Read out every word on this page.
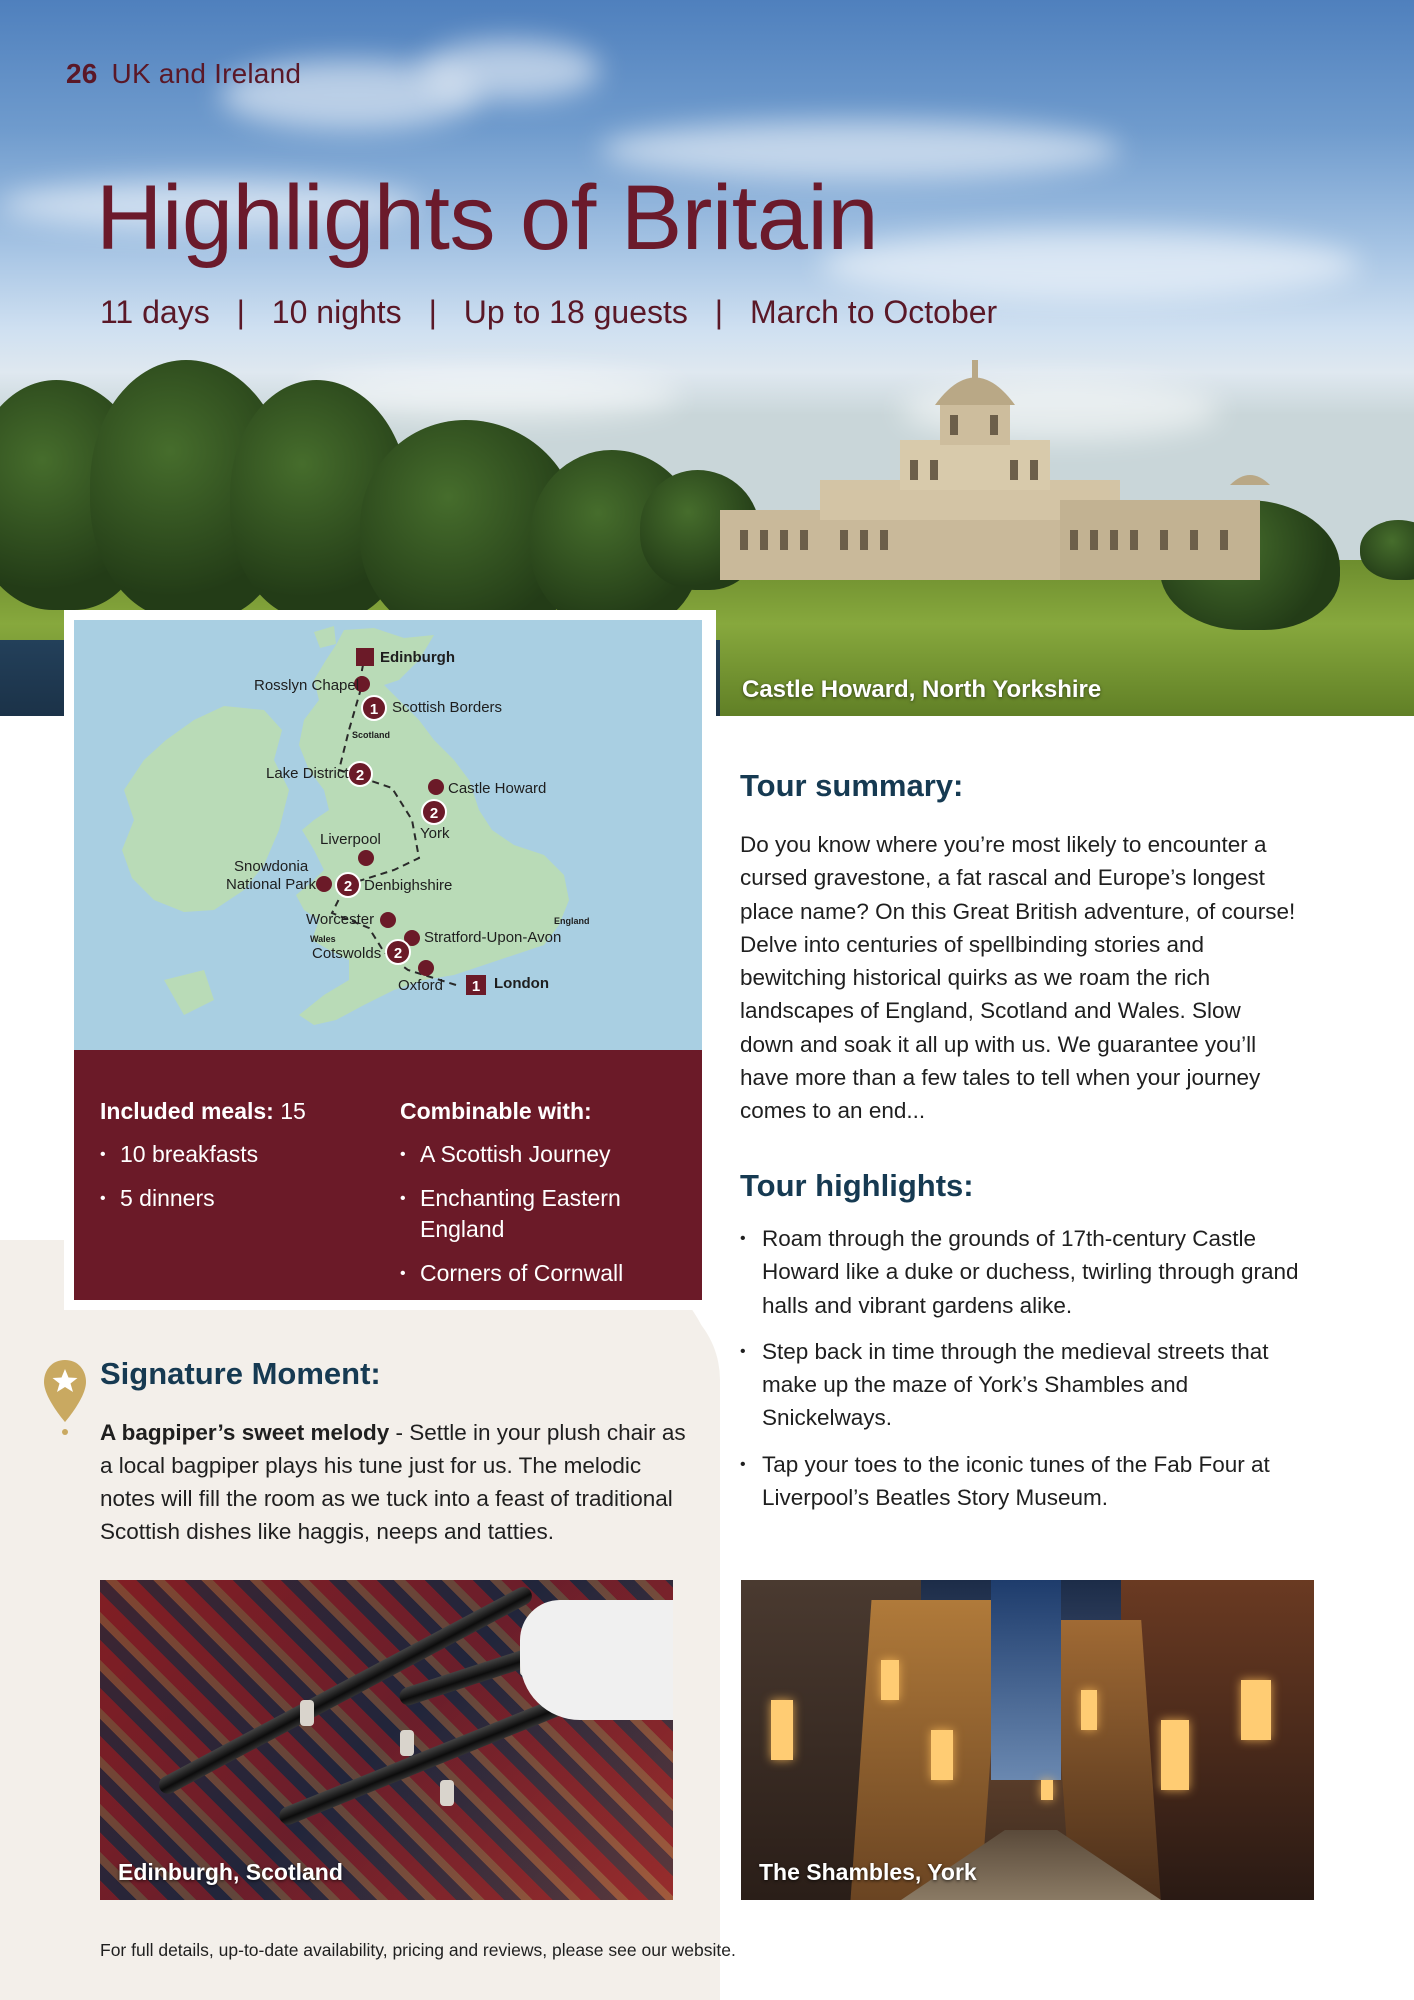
26 UK and Ireland
Highlights of Britain
11 days | 10 nights | Up to 18 guests | March to October
Castle Howard, North Yorkshire
1
2
2
2
2
1
Edinburgh
Rosslyn Chapel
Scottish Borders
Scotland
Lake District
Castle Howard
Liverpool	York
Snowdonia
National Park	Denbighshire
England
Worcester
Wales	Stratford-Upon-Avon
Cotswolds
Oxford	London
Included meals: 15
• 10 breakfasts
• 5 dinners
Combinable with:
• A Scottish Journey
• Enchanting Eastern England
• Corners of Cornwall
Signature Moment:
A bagpiper’s sweet melody - Settle in your plush chair as a local bagpiper plays his tune just for us. The melodic notes will fill the room as we tuck into a feast of traditional Scottish dishes like haggis, neeps and tatties.
Tour summary:
Do you know where you’re most likely to encounter a cursed gravestone, a fat rascal and Europe’s longest place name? On this Great British adventure, of course! Delve into centuries of spellbinding stories and bewitching historical quirks as we roam the rich landscapes of England, Scotland and Wales. Slow down and soak it all up with us. We guarantee you’ll have more than a few tales to tell when your journey comes to an end...
Tour highlights:
• Roam through the grounds of 17th-century Castle Howard like a duke or duchess, twirling through grand halls and vibrant gardens alike.
• Step back in time through the medieval streets that make up the maze of York’s Shambles and Snickelways.
• Tap your toes to the iconic tunes of the Fab Four at Liverpool’s Beatles Story Museum.
Edinburgh, Scotland	The Shambles, York
For full details, up-to-date availability, pricing and reviews, please see our website.
